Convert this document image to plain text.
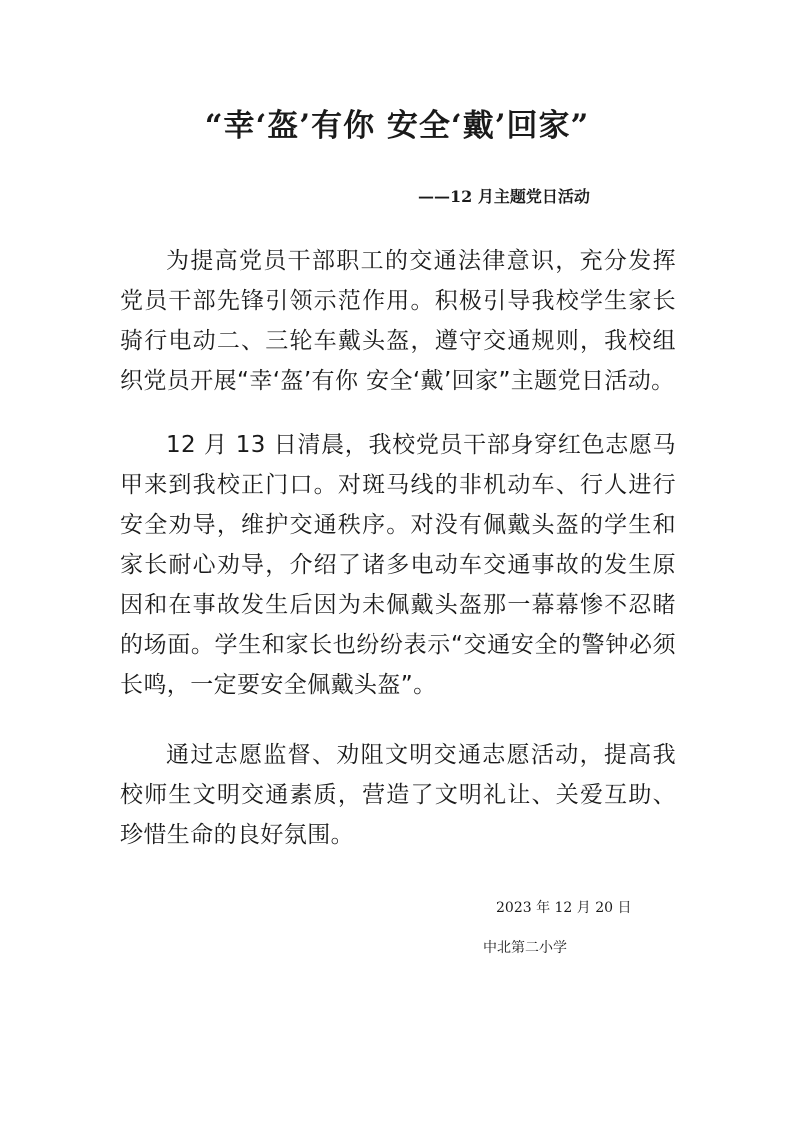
“幸‘盔’有你 安全‘戴’回家”
——12 月主题党日活动

为提高党员干部职工的交通法律意识，充分发挥党员干部先锋引领示范作用。积极引导我校学生家长骑行电动二、三轮车戴头盔，遵守交通规则，我校组织党员开展“幸‘盔’有你 安全‘戴’回家”主题党日活动。

12 月 13 日清晨，我校党员干部身穿红色志愿马甲来到我校正门口。对斑马线的非机动车、行人进行安全劝导，维护交通秩序。对没有佩戴头盔的学生和家长耐心劝导，介绍了诸多电动车交通事故的发生原因和在事故发生后因为未佩戴头盔那一幕幕惨不忍睹的场面。学生和家长也纷纷表示“交通安全的警钟必须长鸣，一定要安全佩戴头盔”。

通过志愿监督、劝阻文明交通志愿活动，提高我校师生文明交通素质，营造了文明礼让、关爱互助、珍惜生命的良好氛围。

2023 年 12 月 20 日
中北第二小学
